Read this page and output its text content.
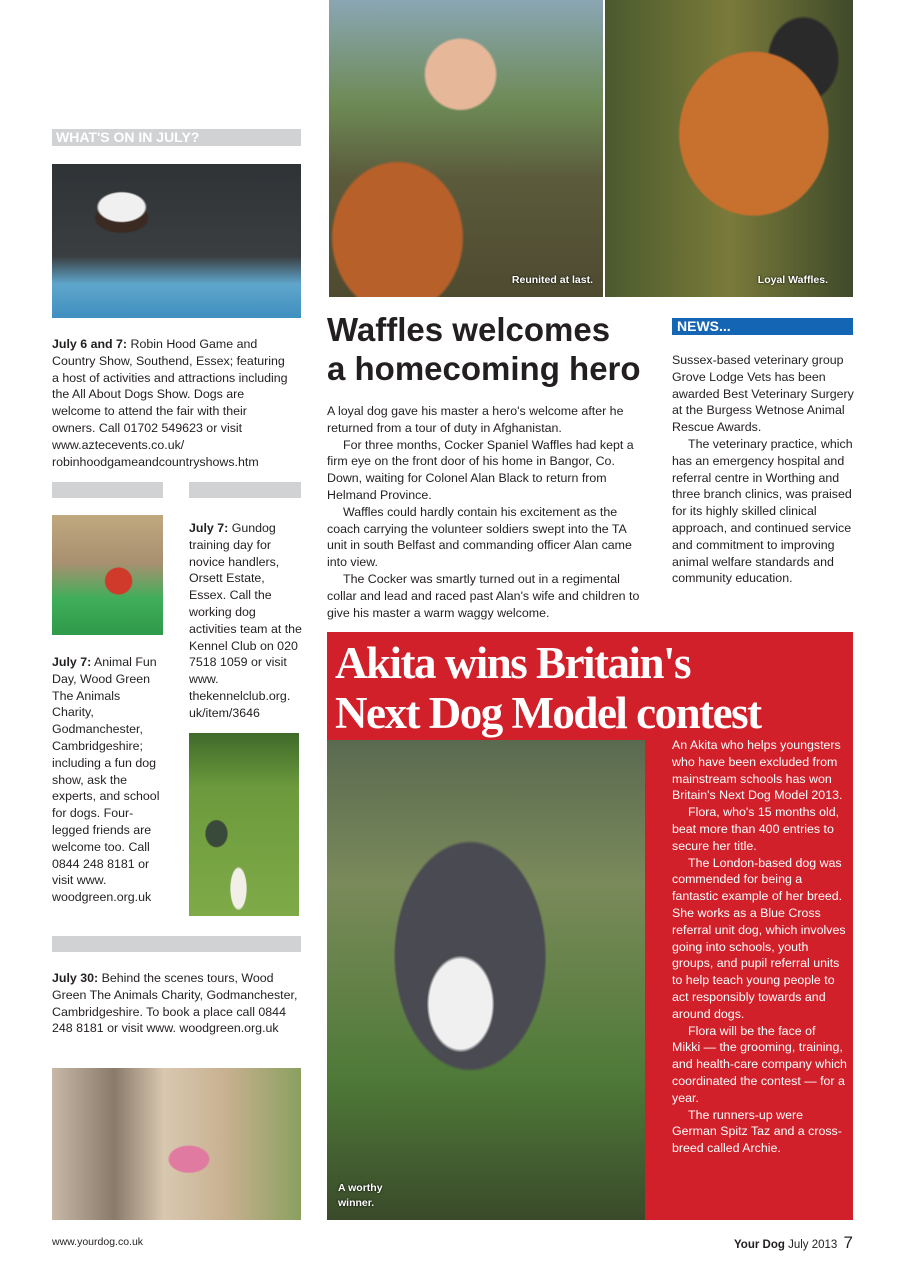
Reunited at last.	Loyal Waffles.
WHAT'S ON IN JULY?
July 6 and 7: Robin Hood Game and Country Show, Southend, Essex; featuring a host of activities and attractions including the All About Dogs Show. Dogs are welcome to attend the fair with their owners. Call 01702 549623 or visit www.aztecevents.co.uk/ robinhoodgameandcountryshows.htm
July 7: Gundog training day for novice handlers, Orsett Estate, Essex. Call the working dog activities team at the Kennel Club on 020 7518 1059 or visit www. thekennelclub.org. uk/item/3646
July 7: Animal Fun Day, Wood Green The Animals Charity, Godmanchester, Cambridgeshire; including a fun dog show, ask the experts, and school for dogs. Four-legged friends are welcome too. Call 0844 248 8181 or visit www. woodgreen.org.uk
July 30: Behind the scenes tours, Wood Green The Animals Charity, Godmanchester, Cambridgeshire. To book a place call 0844 248 8181 or visit www. woodgreen.org.uk
Waffles welcomes
a homecoming hero

A loyal dog gave his master a hero's welcome after he returned from a tour of duty in Afghanistan.

For three months, Cocker Spaniel Waffles had kept a firm eye on the front door of his home in Bangor, Co. Down, waiting for Colonel Alan Black to return from Helmand Province.

Waffles could hardly contain his excitement as the coach carrying the volunteer soldiers swept into the TA unit in south Belfast and commanding officer Alan came into view.

The Cocker was smartly turned out in a regimental collar and lead and raced past Alan's wife and children to give his master a warm waggy welcome.

NEWS...

Sussex-based veterinary group Grove Lodge Vets has been awarded Best Veterinary Surgery at the Burgess Wetnose Animal Rescue Awards.

The veterinary practice, which has an emergency hospital and referral centre in Worthing and three branch clinics, was praised for its highly skilled clinical approach, and continued service and commitment to improving animal welfare standards and community education.

Akita wins Britain's
Next Dog Model contest
A worthy winner.

An Akita who helps youngsters who have been excluded from mainstream schools has won Britain's Next Dog Model 2013.

Flora, who's 15 months old, beat more than 400 entries to secure her title.

The London-based dog was commended for being a fantastic example of her breed. She works as a Blue Cross referral unit dog, which involves going into schools, youth groups, and pupil referral units to help teach young people to act responsibly towards and around dogs.

Flora will be the face of Mikki — the grooming, training, and health-care company which coordinated the contest — for a year.

The runners-up were German Spitz Taz and a cross-breed called Archie.

www.yourdog.co.uk	Your Dog July 2013 7
